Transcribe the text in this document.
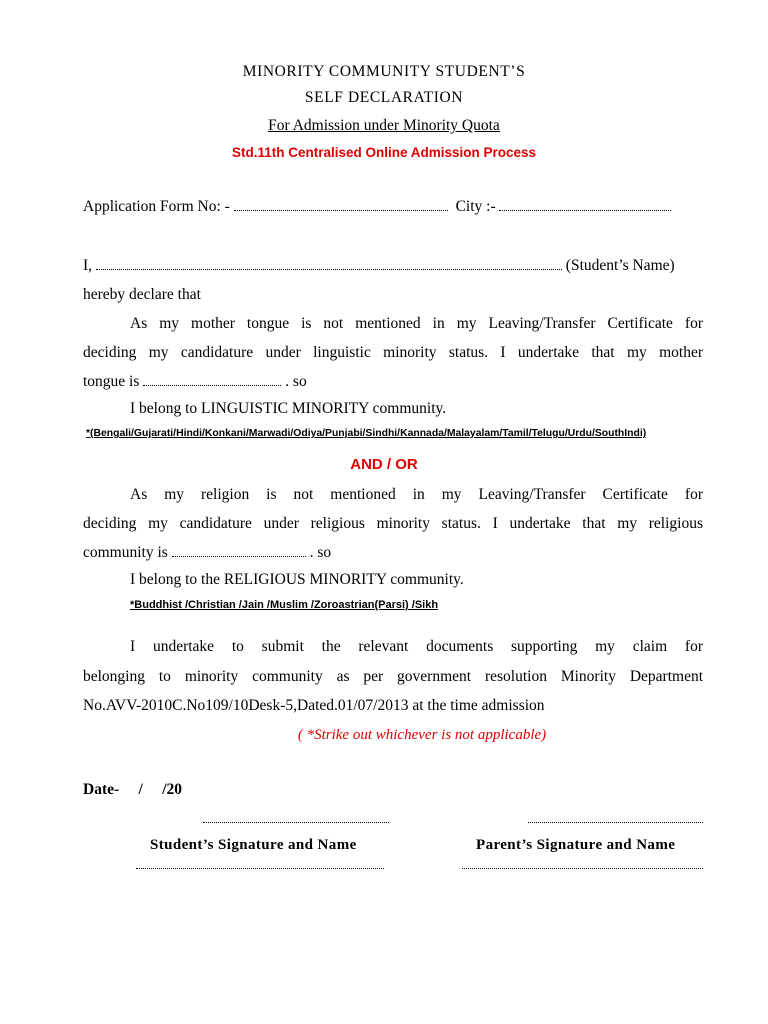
MINORITY COMMUNITY STUDENT’S
SELF DECLARATION
For Admission under Minority Quota
Std.11th Centralised Online Admission Process
Application Form No: -	City :-
I,	(Student’s Name)
hereby declare that
As my mother tongue is not mentioned in my Leaving/Transfer Certificate for
deciding my candidature under linguistic minority status. I undertake that my mother
tongue is	. so
I belong to LINGUISTIC MINORITY community.
*(Bengali/Gujarati/Hindi/Konkani/Marwadi/Odiya/Punjabi/Sindhi/Kannada/Malayalam/Tamil/Telugu/Urdu/SouthIndi)
AND / OR
As my religion is not mentioned in my Leaving/Transfer Certificate for
deciding my candidature under religious minority status. I undertake that my religious
community is	. so
I belong to the RELIGIOUS MINORITY community.
*Buddhist /Christian /Jain /Muslim /Zoroastrian(Parsi) /Sikh
I undertake to submit the relevant documents supporting my claim for
belonging to minority community as per government resolution Minority Department
No.AVV-2010C.No109/10Desk-5,Dated.01/07/2013 at the time admission
( *Strike out whichever is not applicable)
Date-     /     /20
Student’s Signature and Name	Parent’s Signature and Name
